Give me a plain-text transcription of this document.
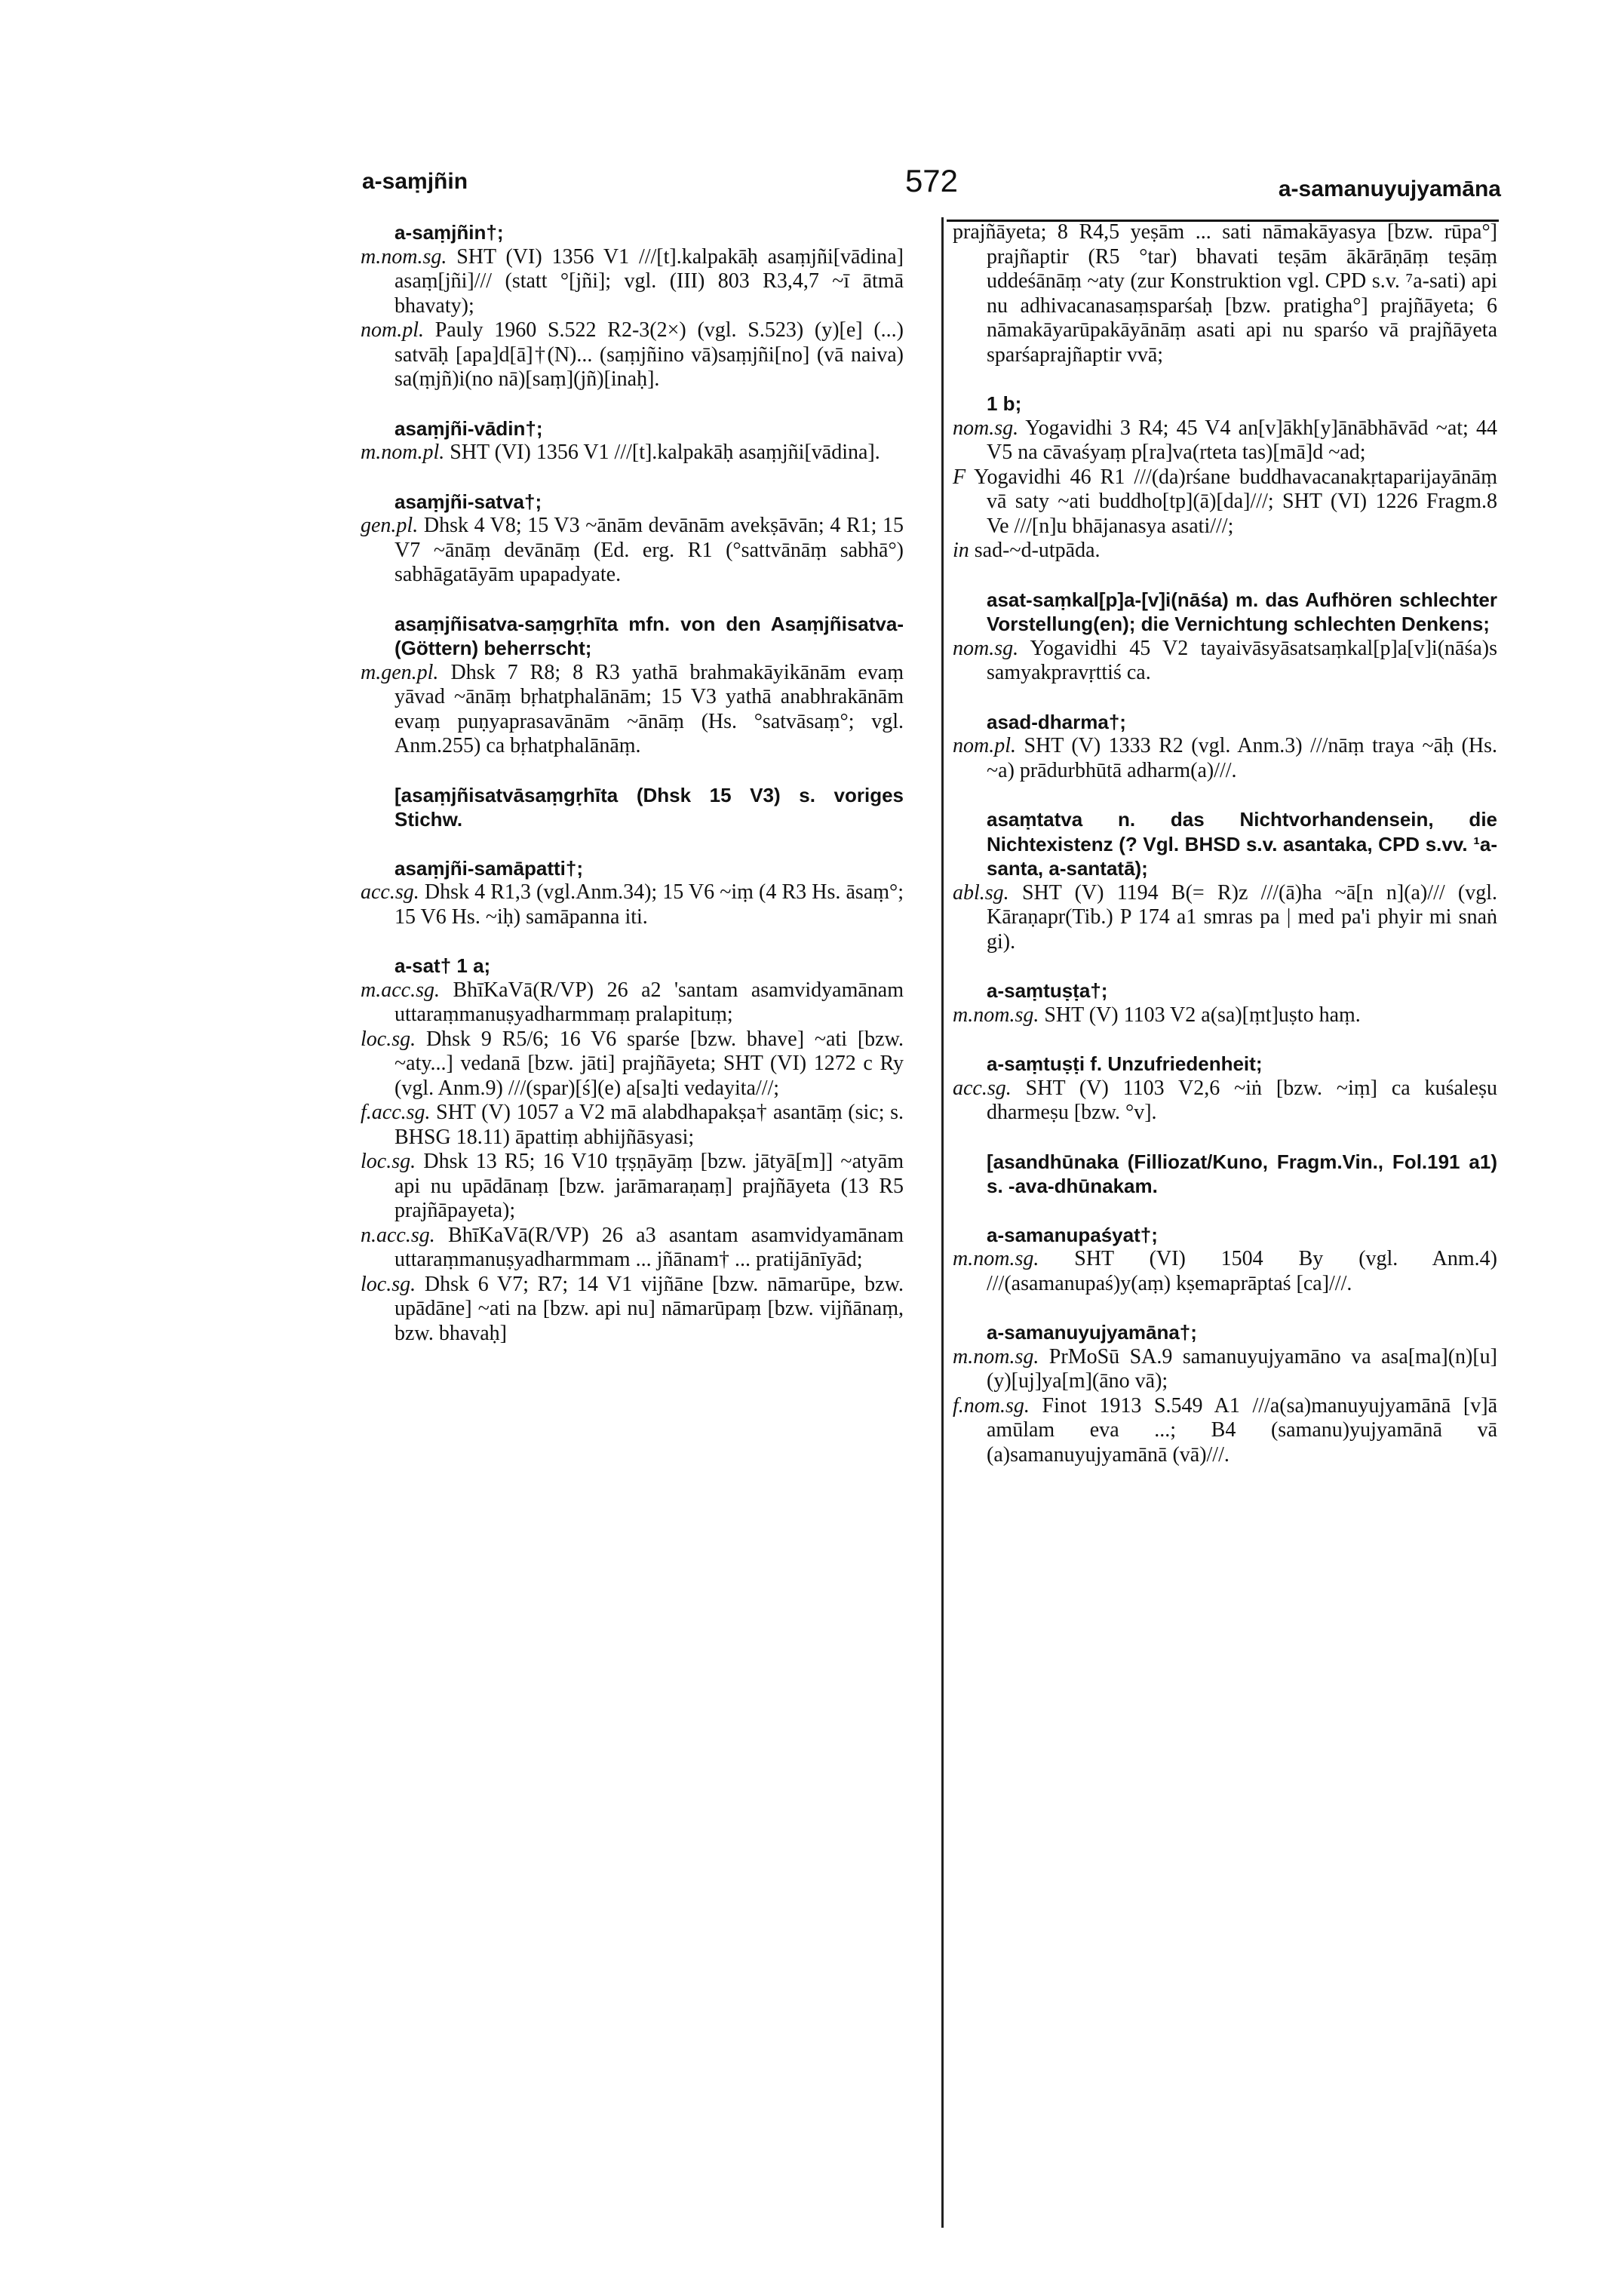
a-saṃjñin	572	a-samanuyujyamāna

a-saṃjñin†;

m.nom.sg. SHT (VI) 1356 V1 ///[t].kalpakāḥ asaṃjñi[vādina] asaṃ[jñi]/// (statt °[jñi]; vgl. (III) 803 R3,4,7 ~ī ātmā bhavaty);

nom.pl. Pauly 1960 S.522 R2-3(2×) (vgl. S.523) (y)[e] (...) satvāḥ [apa]d[ā]†(N)... (saṃjñino vā)saṃjñi[no] (vā naiva) sa(ṃjñ)i(no nā)[saṃ](jñ)[inaḥ].

asaṃjñi-vādin†;

m.nom.pl. SHT (VI) 1356 V1 ///[t].kalpakāḥ asaṃjñi[vādina].

asaṃjñi-satva†;

gen.pl. Dhsk 4 V8; 15 V3 ~ānām devānām avekṣāvān; 4 R1; 15 V7 ~ānāṃ devānāṃ (Ed. erg. R1 (°sattvānāṃ sabhā°) sabhāgatāyām upapadyate.

asaṃjñisatva-saṃgṛhīta mfn. von den Asaṃjñisatva-(Göttern) beherrscht;

m.gen.pl. Dhsk 7 R8; 8 R3 yathā brahmakāyikānām evaṃ yāvad ~ānāṃ bṛhatphalānām; 15 V3 yathā anabhrakānām evaṃ puṇyaprasavānām ~ānāṃ (Hs. °satvāsaṃ°; vgl. Anm.255) ca bṛhatphalānāṃ.

[asaṃjñisatvāsaṃgṛhīta (Dhsk 15 V3) s. voriges Stichw.

asaṃjñi-samāpatti†;

acc.sg. Dhsk 4 R1,3 (vgl.Anm.34); 15 V6 ~iṃ (4 R3 Hs. āsaṃ°; 15 V6 Hs. ~iḥ) samāpanna iti.

a-sat† 1 a;

m.acc.sg. BhīKaVā(R/VP) 26 a2 'santam asamvidyamānam uttaraṃmanuṣyadharmmaṃ pralapituṃ;

loc.sg. Dhsk 9 R5/6; 16 V6 sparśe [bzw. bhave] ~ati [bzw. ~aty...] vedanā [bzw. jāti] prajñāyeta; SHT (VI) 1272 c Ry (vgl. Anm.9) ///(spar)[ś](e) a[sa]ti vedayita///;

f.acc.sg. SHT (V) 1057 a V2 mā alabdhapakṣa† asantāṃ (sic; s. BHSG 18.11) āpattiṃ abhijñāsyasi;

loc.sg. Dhsk 13 R5; 16 V10 tṛṣṇāyāṃ [bzw. jātyā[m]] ~atyām api nu upādānaṃ [bzw. jarāmaraṇaṃ] prajñāyeta (13 R5 prajñāpayeta);

n.acc.sg. BhīKaVā(R/VP) 26 a3 asantam asamvidyamānam uttaraṃmanuṣyadharmmam ... jñānam† ... pratijānīyād;

loc.sg. Dhsk 6 V7; R7; 14 V1 vijñāne [bzw. nāmarūpe, bzw. upādāne] ~ati na [bzw. api nu] nāmarūpaṃ [bzw. vijñānaṃ, bzw. bhavaḥ]

prajñāyeta; 8 R4,5 yeṣām ... sati nāmakāyasya [bzw. rūpa°] prajñaptir (R5 °tar) bhavati teṣām ākārāṇāṃ teṣāṃ uddeśānāṃ ~aty (zur Konstruktion vgl. CPD s.v. ⁷a-sati) api nu adhivacanasaṃsparśaḥ [bzw. pratigha°] prajñāyeta; 6 nāmakāyarūpakāyānāṃ asati api nu sparśo vā prajñāyeta sparśaprajñaptir vvā;

1 b;

nom.sg. Yogavidhi 3 R4; 45 V4 an[v]ākh[y]ānābhāvād ~at; 44 V5 na cāvaśyaṃ p[ra]va(rteta tas)[mā]d ~ad;

F Yogavidhi 46 R1 ///(da)rśane buddhavacanakṛtaparijayānāṃ vā saty ~ati buddho[tp](ā)[da]///; SHT (VI) 1226 Fragm.8 Ve ///[n]u bhājanasya asati///;

in sad-~d-utpāda.

asat-saṃkal[p]a-[v]i(nāśa) m. das Aufhören schlechter Vorstellung(en); die Vernichtung schlechten Denkens;

nom.sg. Yogavidhi 45 V2 tayaivāsyāsatsaṃkal[p]a[v]i(nāśa)s samyakpravṛttiś ca.

asad-dharma†;

nom.pl. SHT (V) 1333 R2 (vgl. Anm.3) ///nāṃ traya ~āḥ (Hs. ~a) prādurbhūtā adharm(a)///.

asaṃtatva n. das Nichtvorhandensein, die Nichtexistenz (? Vgl. BHSD s.v. asantaka, CPD s.vv. ¹a-santa, a-santatā);

abl.sg. SHT (V) 1194 B(= R)z ///(ā)ha ~ā[n n](a)/// (vgl. Kāraṇapr(Tib.) P 174 a1 smras pa | med pa'i phyir mi snaṅ gi).

a-saṃtuṣṭa†;

m.nom.sg. SHT (V) 1103 V2 a(sa)[ṃt]uṣto haṃ.

a-saṃtuṣṭi f. Unzufriedenheit;

acc.sg. SHT (V) 1103 V2,6 ~iṅ [bzw. ~iṃ] ca kuśaleṣu dharmeṣu [bzw. °v].

[asandhūnaka (Filliozat/Kuno, Fragm.Vin., Fol.191 a1) s. -ava-dhūnakam.

a-samanupaśyat†;

m.nom.sg. SHT (VI) 1504 By (vgl. Anm.4) ///(asamanupaś)y(aṃ) kṣemaprāptaś [ca]///.

a-samanuyujyamāna†;

m.nom.sg. PrMoSū SA.9 samanuyujyamāno va asa[ma](n)[u](y)[uj]ya[m](āno vā);

f.nom.sg. Finot 1913 S.549 A1 ///a(sa)manuyujyamānā [v]ā amūlam eva ...; B4 (samanu)yujyamānā vā (a)samanuyujyamānā (vā)///.
